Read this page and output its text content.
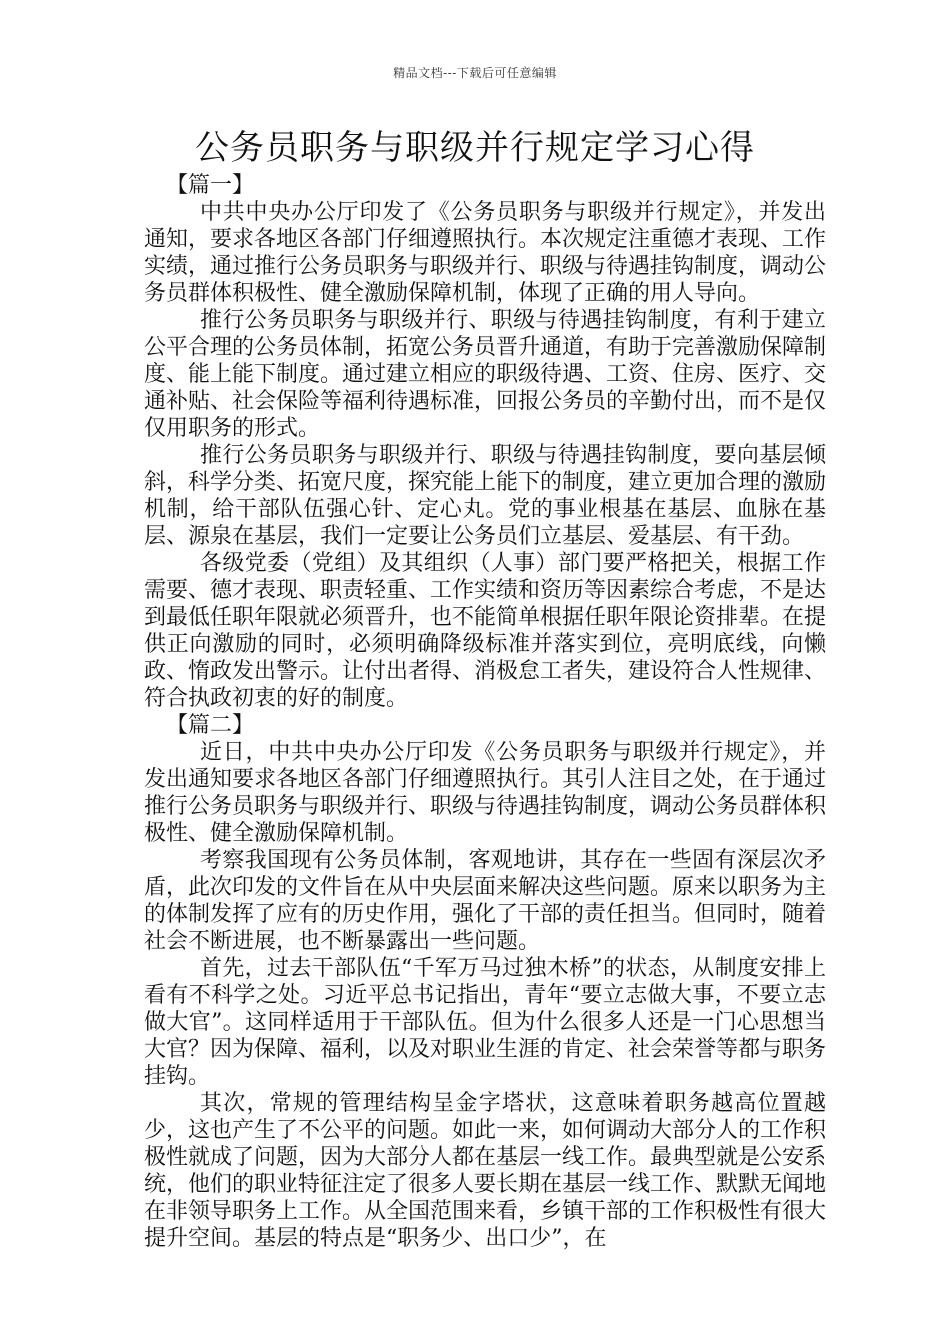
精品文档---下载后可任意编辑
公务员职务与职级并行规定学习心得

【篇一】

中共中央办公厅印发了《公务员职务与职级并行规定》，并发出通知，要求各地区各部门仔细遵照执行。本次规定注重德才表现、工作实绩，通过推行公务员职务与职级并行、职级与待遇挂钩制度，调动公务员群体积极性、健全激励保障机制，体现了正确的用人导向。

推行公务员职务与职级并行、职级与待遇挂钩制度，有利于建立公平合理的公务员体制，拓宽公务员晋升通道，有助于完善激励保障制度、能上能下制度。通过建立相应的职级待遇、工资、住房、医疗、交通补贴、社会保险等福利待遇标准，回报公务员的辛勤付出，而不是仅仅用职务的形式。

推行公务员职务与职级并行、职级与待遇挂钩制度，要向基层倾斜，科学分类、拓宽尺度，探究能上能下的制度，建立更加合理的激励机制，给干部队伍强心针、定心丸。党的事业根基在基层、血脉在基层、源泉在基层，我们一定要让公务员们立基层、爱基层、有干劲。

各级党委（党组）及其组织（人事）部门要严格把关，根据工作需要、德才表现、职责轻重、工作实绩和资历等因素综合考虑，不是达到最低任职年限就必须晋升，也不能简单根据任职年限论资排辈。在提供正向激励的同时，必须明确降级标准并落实到位，亮明底线，向懒政、惰政发出警示。让付出者得、消极怠工者失，建设符合人性规律、符合执政初衷的好的制度。

【篇二】

近日，中共中央办公厅印发《公务员职务与职级并行规定》，并发出通知要求各地区各部门仔细遵照执行。其引人注目之处，在于通过推行公务员职务与职级并行、职级与待遇挂钩制度，调动公务员群体积极性、健全激励保障机制。

考察我国现有公务员体制，客观地讲，其存在一些固有深层次矛盾，此次印发的文件旨在从中央层面来解决这些问题。原来以职务为主的体制发挥了应有的历史作用，强化了干部的责任担当。但同时，随着社会不断进展，也不断暴露出一些问题。

首先，过去干部队伍“千军万马过独木桥”的状态，从制度安排上看有不科学之处。习近平总书记指出，青年“要立志做大事，不要立志做大官”。这同样适用于干部队伍。但为什么很多人还是一门心思想当大官？因为保障、福利，以及对职业生涯的肯定、社会荣誉等都与职务挂钩。

其次，常规的管理结构呈金字塔状，这意味着职务越高位置越少，这也产生了不公平的问题。如此一来，如何调动大部分人的工作积极性就成了问题，因为大部分人都在基层一线工作。最典型就是公安系统，他们的职业特征注定了很多人要长期在基层一线工作、默默无闻地在非领导职务上工作。从全国范围来看，乡镇干部的工作积极性有很大提升空间。基层的特点是“职务少、出口少”，在
